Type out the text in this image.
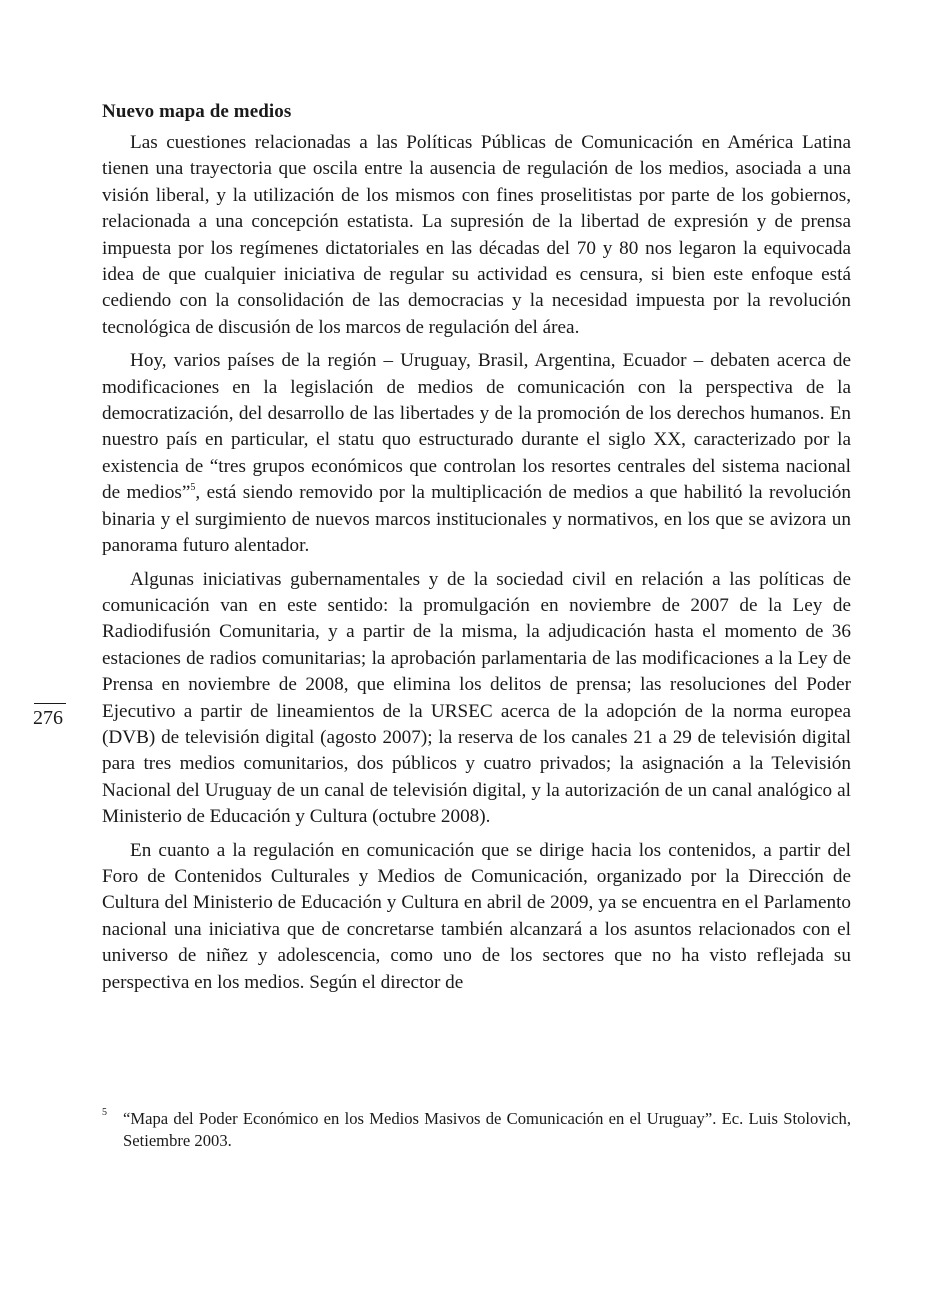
Nuevo mapa de medios

Las cuestiones relacionadas a las Políticas Públicas de Comunicación en América Latina tienen una trayectoria que oscila entre la ausencia de regulación de los medios, asociada a una visión liberal, y la utilización de los mismos con fines proselitistas por parte de los gobiernos, relacionada a una concepción estatista. La supresión de la libertad de expresión y de prensa impuesta por los regímenes dictatoriales en las décadas del 70 y 80 nos legaron la equivocada idea de que cualquier iniciativa de regular su actividad es censura, si bien este enfoque está cediendo con la consolidación de las democracias y la necesidad impuesta por la revolución tecnológica de discusión de los marcos de regulación del área.

Hoy, varios países de la región – Uruguay, Brasil, Argentina, Ecuador – debaten acerca de modificaciones en la legislación de medios de comunicación con la perspectiva de la democratización, del desarrollo de las libertades y de la promoción de los derechos humanos. En nuestro país en particular, el statu quo estructurado durante el siglo XX, caracterizado por la existencia de “tres grupos económicos que controlan los resortes centrales del sistema nacional de medios”$^5$, está siendo removido por la multiplicación de medios a que habilitó la revolución binaria y el surgimiento de nuevos marcos institucionales y normativos, en los que se avizora un panorama futuro alentador.

Algunas iniciativas gubernamentales y de la sociedad civil en relación a las políticas de comunicación van en este sentido: la promulgación en noviembre de 2007 de la Ley de Radiodifusión Comunitaria, y a partir de la misma, la adjudicación hasta el momento de 36 estaciones de radios comunitarias; la aprobación parlamentaria de las modificaciones a la Ley de Prensa en noviembre de 2008, que elimina los delitos de prensa; las resoluciones del Poder Ejecutivo a partir de lineamientos de la URSEC acerca de la adopción de la norma europea (DVB) de televisión digital (agosto 2007); la reserva de los canales 21 a 29 de televisión digital para tres medios comunitarios, dos públicos y cuatro privados; la asignación a la Televisión Nacional del Uruguay de un canal de televisión digital, y la autorización de un canal analógico al Ministerio de Educación y Cultura (octubre 2008).

En cuanto a la regulación en comunicación que se dirige hacia los contenidos, a partir del Foro de Contenidos Culturales y Medios de Comunicación, organizado por la Dirección de Cultura del Ministerio de Educación y Cultura en abril de 2009, ya se encuentra en el Parlamento nacional una iniciativa que de concretarse también alcanzará a los asuntos relacionados con el universo de niñez y adolescencia, como uno de los sectores que no ha visto reflejada su perspectiva en los medios. Según el director de

276
5 “Mapa del Poder Económico en los Medios Masivos de Comunicación en el Uruguay”. Ec. Luis Stolovich, Setiembre 2003.
